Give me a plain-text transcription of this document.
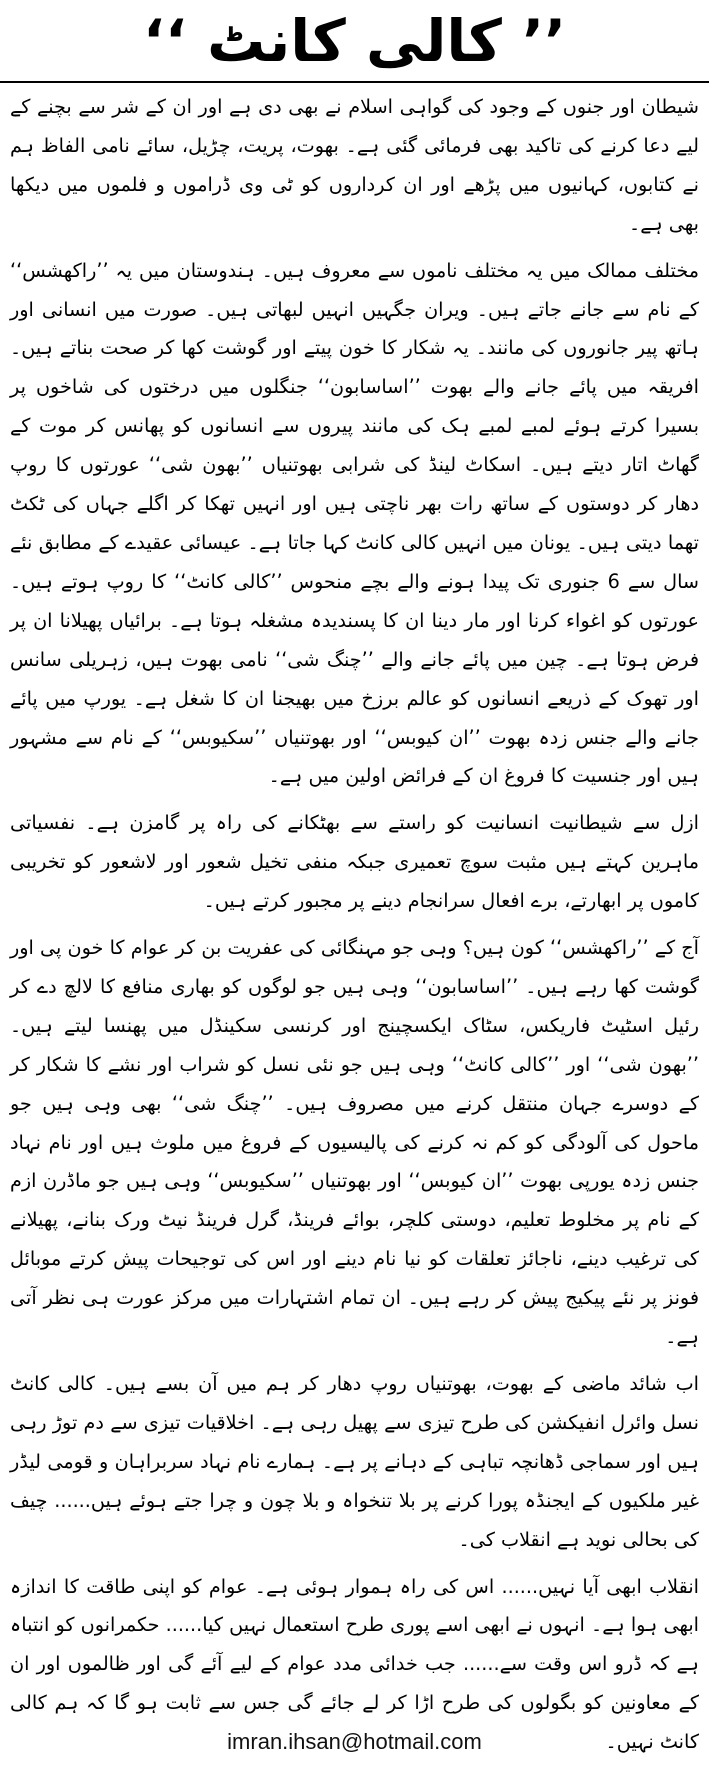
’’ کالی کانٹ ‘‘

شیطان اور جنوں کے وجود کی گواہی اسلام نے بھی دی ہے اور ان کے شر سے بچنے کے لیے دعا کرنے کی تاکید بھی فرمائی گئی ہے۔ بھوت، پریت، چڑیل، سائے نامی الفاظ ہم نے کتابوں، کہانیوں میں پڑھے اور ان کرداروں کو ٹی وی ڈراموں و فلموں میں دیکھا بھی ہے۔

مختلف ممالک میں یہ مختلف ناموں سے معروف ہیں۔ ہندوستان میں یہ ’’راکھشس‘‘ کے نام سے جانے جاتے ہیں۔ ویران جگہیں انہیں لبھاتی ہیں۔ صورت میں انسانی اور ہاتھ پیر جانوروں کی مانند۔ یہ شکار کا خون پیتے اور گوشت کھا کر صحت بناتے ہیں۔ افریقہ میں پائے جانے والے بھوت ’’اساسابون‘‘ جنگلوں میں درختوں کی شاخوں پر بسیرا کرتے ہوئے لمبے لمبے ہک کی مانند پیروں سے انسانوں کو پھانس کر موت کے گھاٹ اتار دیتے ہیں۔ اسکاٹ لینڈ کی شرابی بھوتنیاں ’’بھون شی‘‘ عورتوں کا روپ دھار کر دوستوں کے ساتھ رات بھر ناچتی ہیں اور انہیں تھکا کر اگلے جہاں کی ٹکٹ تھما دیتی ہیں۔ یونان میں انہیں کالی کانٹ کہا جاتا ہے۔ عیسائی عقیدے کے مطابق نئے سال سے 6 جنوری تک پیدا ہونے والے بچے منحوس ’’کالی کانٹ‘‘ کا روپ ہوتے ہیں۔ عورتوں کو اغواء کرنا اور مار دینا ان کا پسندیدہ مشغلہ ہوتا ہے۔ برائیاں پھیلانا ان پر فرض ہوتا ہے۔ چین میں پائے جانے والے ’’چنگ شی‘‘ نامی بھوت ہیں، زہریلی سانس اور تھوک کے ذریعے انسانوں کو عالم برزخ میں بھیجنا ان کا شغل ہے۔ یورپ میں پائے جانے والے جنس زدہ بھوت ’’ان کیوبس‘‘ اور بھوتنیاں ’’سکیوبس‘‘ کے نام سے مشہور ہیں اور جنسیت کا فروغ ان کے فرائض اولین میں ہے۔

ازل سے شیطانیت انسانیت کو راستے سے بھٹکانے کی راہ پر گامزن ہے۔ نفسیاتی ماہرین کہتے ہیں مثبت سوچ تعمیری جبکہ منفی تخیل شعور اور لاشعور کو تخریبی کاموں پر ابھارتے، برے افعال سرانجام دینے پر مجبور کرتے ہیں۔

آج کے ’’راکھشس‘‘ کون ہیں؟ وہی جو مہنگائی کی عفریت بن کر عوام کا خون پی اور گوشت کھا رہے ہیں۔ ’’اساسابون‘‘ وہی ہیں جو لوگوں کو بھاری منافع کا لالچ دے کر رئیل اسٹیٹ فاریکس، سٹاک ایکسچینج اور کرنسی سکینڈل میں پھنسا لیتے ہیں۔ ’’بھون شی‘‘ اور ’’کالی کانٹ‘‘ وہی ہیں جو نئی نسل کو شراب اور نشے کا شکار کر کے دوسرے جہان منتقل کرنے میں مصروف ہیں۔ ’’چنگ شی‘‘ بھی وہی ہیں جو ماحول کی آلودگی کو کم نہ کرنے کی پالیسیوں کے فروغ میں ملوث ہیں اور نام نہاد جنس زدہ یورپی بھوت ’’ان کیوبس‘‘ اور بھوتنیاں ’’سکیوبس‘‘ وہی ہیں جو ماڈرن ازم کے نام پر مخلوط تعلیم، دوستی کلچر، بوائے فرینڈ، گرل فرینڈ نیٹ ورک بنانے، پھیلانے کی ترغیب دینے، ناجائز تعلقات کو نیا نام دینے اور اس کی توجیحات پیش کرتے موبائل فونز پر نئے پیکیج پیش کر رہے ہیں۔ ان تمام اشتہارات میں مرکز عورت ہی نظر آتی ہے۔

اب شائد ماضی کے بھوت، بھوتنیاں روپ دھار کر ہم میں آن بسے ہیں۔ کالی کانٹ نسل وائرل انفیکشن کی طرح تیزی سے پھیل رہی ہے۔ اخلاقیات تیزی سے دم توڑ رہی ہیں اور سماجی ڈھانچہ تباہی کے دہانے پر ہے۔ ہمارے نام نہاد سربراہان و قومی لیڈر غیر ملکیوں کے ایجنڈہ پورا کرنے پر بلا تنخواہ و بلا چون و چرا جتے ہوئے ہیں...... چیف کی بحالی نوید ہے انقلاب کی۔

انقلاب ابھی آیا نہیں...... اس کی راہ ہموار ہوئی ہے۔ عوام کو اپنی طاقت کا اندازہ ابھی ہوا ہے۔ انہوں نے ابھی اسے پوری طرح استعمال نہیں کیا...... حکمرانوں کو انتباہ ہے کہ ڈرو اس وقت سے...... جب خدائی مدد عوام کے لیے آئے گی اور ظالموں اور ان کے معاونین کو بگولوں کی طرح اڑا کر لے جائے گی جس سے ثابت ہو گا کہ ہم کالی کانٹ نہیں۔

imran.ihsan@hotmail.com
